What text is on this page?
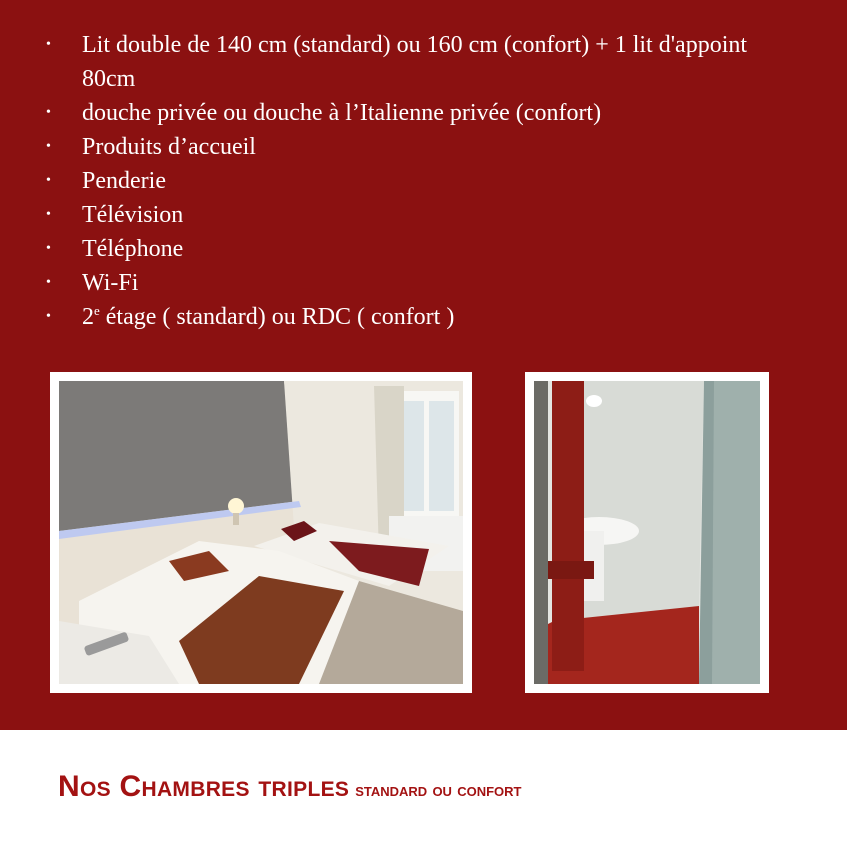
• Lit double de 140 cm (standard) ou 160 cm (confort) + 1 lit d'appoint 80cm
• douche privée ou douche à l’Italienne privée (confort)
• Produits d’accueil
• Penderie
• Télévision
• Téléphone
• Wi-Fi
• 2e étage ( standard) ou RDC ( confort )
Nos Chambres triples standard ou confort
